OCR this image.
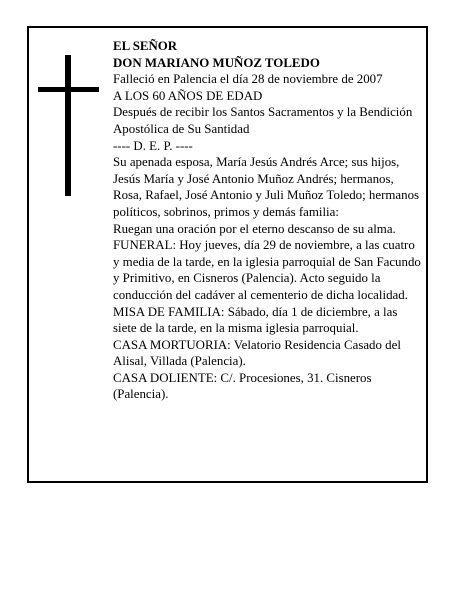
EL SEÑOR

DON MARIANO MUÑOZ TOLEDO

Falleció en Palencia el día 28 de noviembre de 2007

A LOS 60 AÑOS DE EDAD

Después de recibir los Santos Sacramentos y la Bendición Apostólica de Su Santidad

---- D. E. P. ----

Su apenada esposa, María Jesús Andrés Arce; sus hijos, Jesús María y José Antonio Muñoz Andrés; hermanos, Rosa, Rafael, José Antonio y Juli Muñoz Toledo; hermanos políticos, sobrinos, primos y demás familia:

Ruegan una oración por el eterno descanso de su alma.

FUNERAL: Hoy jueves, día 29 de noviembre, a las cuatro y media de la tarde, en la iglesia parroquial de San Facundo y Primitivo, en Cisneros (Palencia). Acto seguido la conducción del cadáver al cementerio de dicha localidad.

MISA DE FAMILIA: Sábado, día 1 de diciembre, a las siete de la tarde, en la misma iglesia parroquial.

CASA MORTUORIA: Velatorio Residencia Casado del Alisal, Villada (Palencia).

CASA DOLIENTE: C/. Procesiones, 31. Cisneros (Palencia).
